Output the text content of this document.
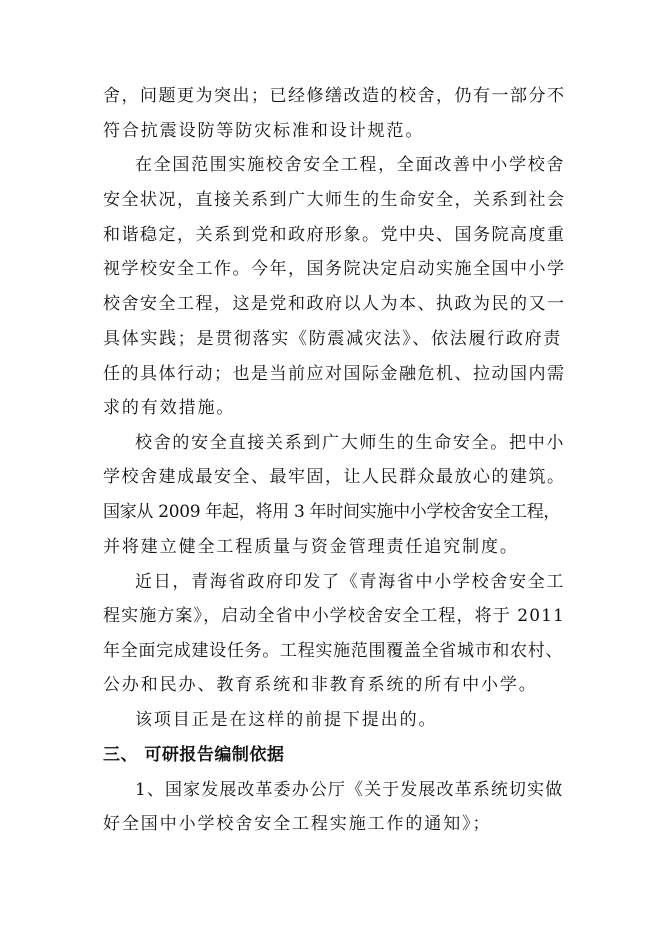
舍，问题更为突出；已经修缮改造的校舍，仍有一部分不
符合抗震设防等防灾标准和设计规范。
在全国范围实施校舍安全工程，全面改善中小学校舍
安全状况，直接关系到广大师生的生命安全，关系到社会
和谐稳定，关系到党和政府形象。党中央、国务院高度重
视学校安全工作。今年，国务院决定启动实施全国中小学
校舍安全工程，这是党和政府以人为本、执政为民的又一
具体实践；是贯彻落实《防震减灾法》、依法履行政府责
任的具体行动；也是当前应对国际金融危机、拉动国内需
求的有效措施。
校舍的安全直接关系到广大师生的生命安全。把中小
学校舍建成最安全、最牢固，让人民群众最放心的建筑。
国家从 2009 年起，将用 3 年时间实施中小学校舍安全工程，
并将建立健全工程质量与资金管理责任追究制度。
近日，青海省政府印发了《青海省中小学校舍安全工
程实施方案》，启动全省中小学校舍安全工程，将于 2011
年全面完成建设任务。工程实施范围覆盖全省城市和农村、
公办和民办、教育系统和非教育系统的所有中小学。
该项目正是在这样的前提下提出的。
三、 可研报告编制依据
1、国家发展改革委办公厅《关于发展改革系统切实做
好全国中小学校舍安全工程实施工作的通知》；
